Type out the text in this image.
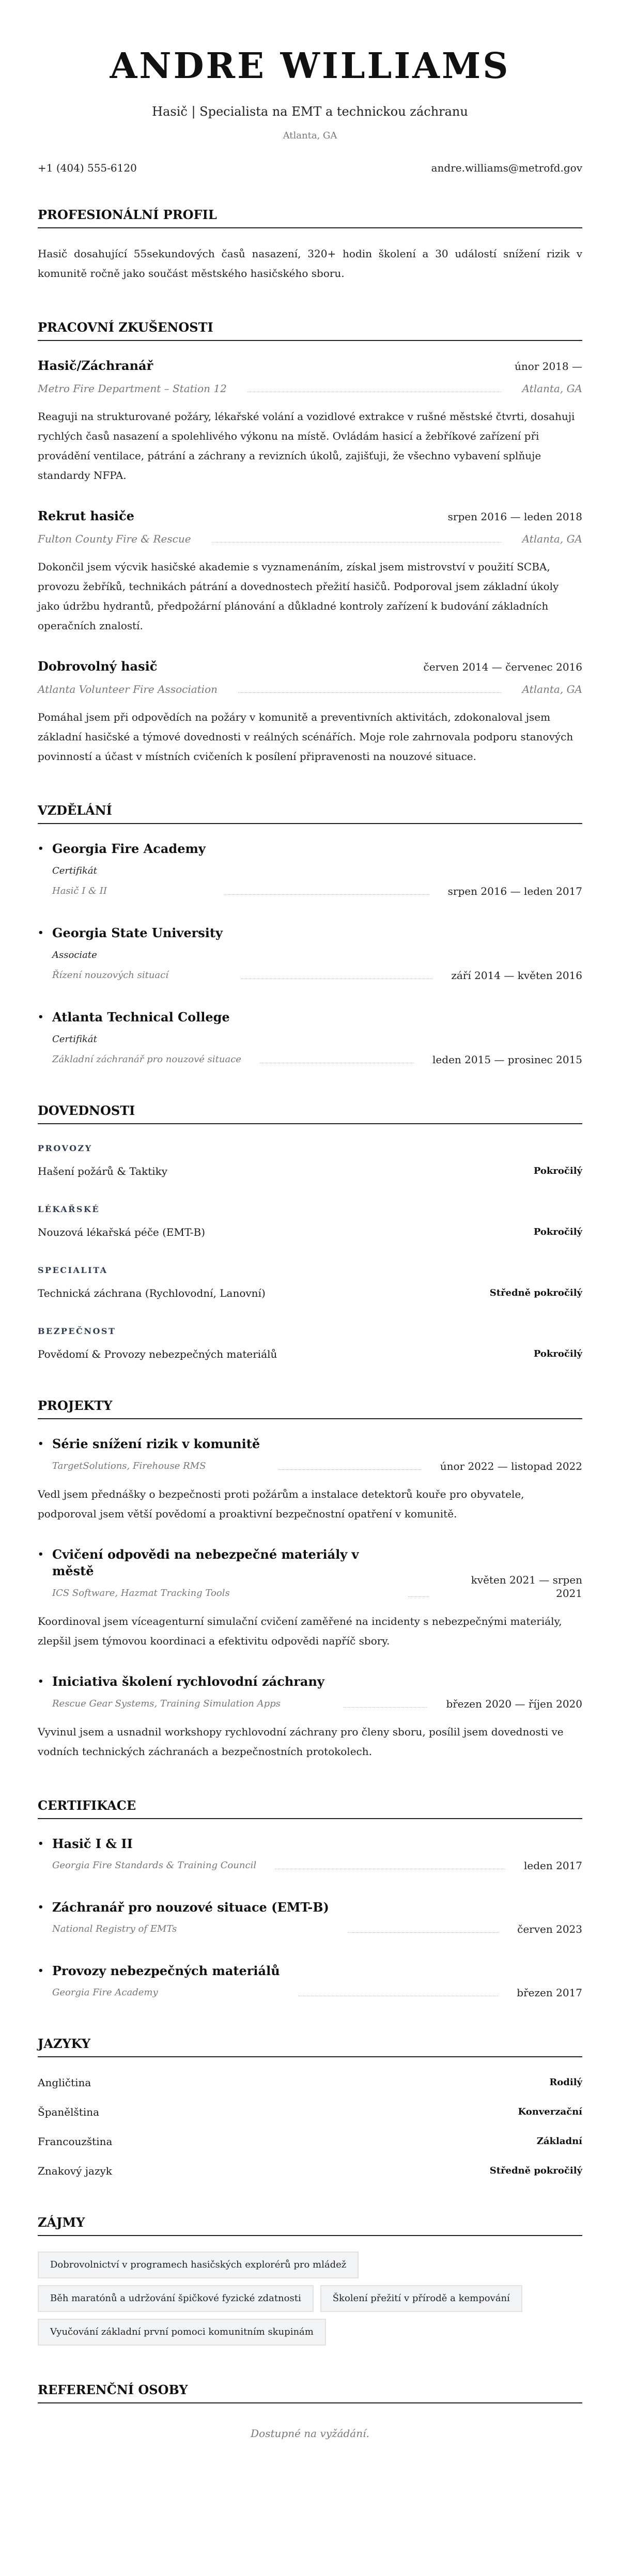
ANDRE WILLIAMS
Hasič | Specialista na EMT a technickou záchranu
Atlanta, GA
+1 (404) 555-6120	andre.williams@metrofd.gov
PROFESIONÁLNÍ PROFIL

Hasič dosahující 55sekundových časů nasazení, 320+ hodin školení a 30 událostí snížení rizik v komunitě ročně jako součást městského hasičského sboru.

PRACOVNÍ ZKUŠENOSTI
Hasič/Záchranář	únor 2018 —
Metro Fire Department – Station 12	Atlanta, GA

Reaguji na strukturované požáry, lékařské volání a vozidlové extrakce v rušné městské čtvrti, dosahuji rychlých časů nasazení a spolehlivého výkonu na místě. Ovládám hasicí a žebříkové zařízení při provádění ventilace, pátrání a záchrany a revizních úkolů, zajišťuji, že všechno vybavení splňuje standardy NFPA.

Rekrut hasiče	srpen 2016 — leden 2018
Fulton County Fire & Rescue	Atlanta, GA

Dokončil jsem výcvik hasičské akademie s vyznamenáním, získal jsem mistrovství v použití SCBA, provozu žebříků, technikách pátrání a dovednostech přežití hasičů. Podporoval jsem základní úkoly jako údržbu hydrantů, předpožární plánování a důkladné kontroly zařízení k budování základních operačních znalostí.

Dobrovolný hasič	červen 2014 — červenec 2016
Atlanta Volunteer Fire Association	Atlanta, GA

Pomáhal jsem při odpovědích na požáry v komunitě a preventivních aktivitách, zdokonaloval jsem základní hasičské a týmové dovednosti v reálných scénářích. Moje role zahrnovala podporu stanových povinností a účast v místních cvičeních k posílení připravenosti na nouzové situace.

VZDĚLÁNÍ
• Georgia Fire Academy
Certifikát
Hasič I & II	srpen 2016 — leden 2017
• Georgia State University
Associate
Řízení nouzových situací	září 2014 — květen 2016
• Atlanta Technical College
Certifikát
Základní záchranář pro nouzové situace	leden 2015 — prosinec 2015
DOVEDNOSTI
PROVOZY
Hašení požárů & Taktiky	Pokročilý
LÉKAŘSKÉ
Nouzová lékařská péče (EMT-B)	Pokročilý
SPECIALITA
Technická záchrana (Rychlovodní, Lanovní)	Středně pokročilý
BEZPEČNOST
Povědomí & Provozy nebezpečných materiálů	Pokročilý
PROJEKTY
• Série snížení rizik v komunitě
TargetSolutions, Firehouse RMS	únor 2022 — listopad 2022

Vedl jsem přednášky o bezpečnosti proti požárům a instalace detektorů kouře pro obyvatele, podporoval jsem větší povědomí a proaktivní bezpečnostní opatření v komunitě.

• Cvičení odpovědi na nebezpečné materiály v městě
ICS Software, Hazmat Tracking Tools
květen 2021 — srpen 2021

Koordinoval jsem víceagenturní simulační cvičení zaměřené na incidenty s nebezpečnými materiály, zlepšil jsem týmovou koordinaci a efektivitu odpovědi napříč sbory.

• Iniciativa školení rychlovodní záchrany
Rescue Gear Systems, Training Simulation Apps	březen 2020 — říjen 2020

Vyvinul jsem a usnadnil workshopy rychlovodní záchrany pro členy sboru, posílil jsem dovednosti ve vodních technických záchranách a bezpečnostních protokolech.

CERTIFIKACE
• Hasič I & II
Georgia Fire Standards & Training Council	leden 2017
• Záchranář pro nouzové situace (EMT-B)
National Registry of EMTs	červen 2023
• Provozy nebezpečných materiálů
Georgia Fire Academy	březen 2017
JAZYKY
Angličtina	Rodilý
Španělština	Konverzační
Francouzština	Základní
Znakový jazyk	Středně pokročilý
ZÁJMY
Dobrovolnictví v programech hasičských explorérů pro mládež
Běh maratónů a udržování špičkové fyzické zdatnosti	Školení přežití v přírodě a kempování
Vyučování základní první pomoci komunitním skupinám
REFERENČNÍ OSOBY

Dostupné na vyžádání.
